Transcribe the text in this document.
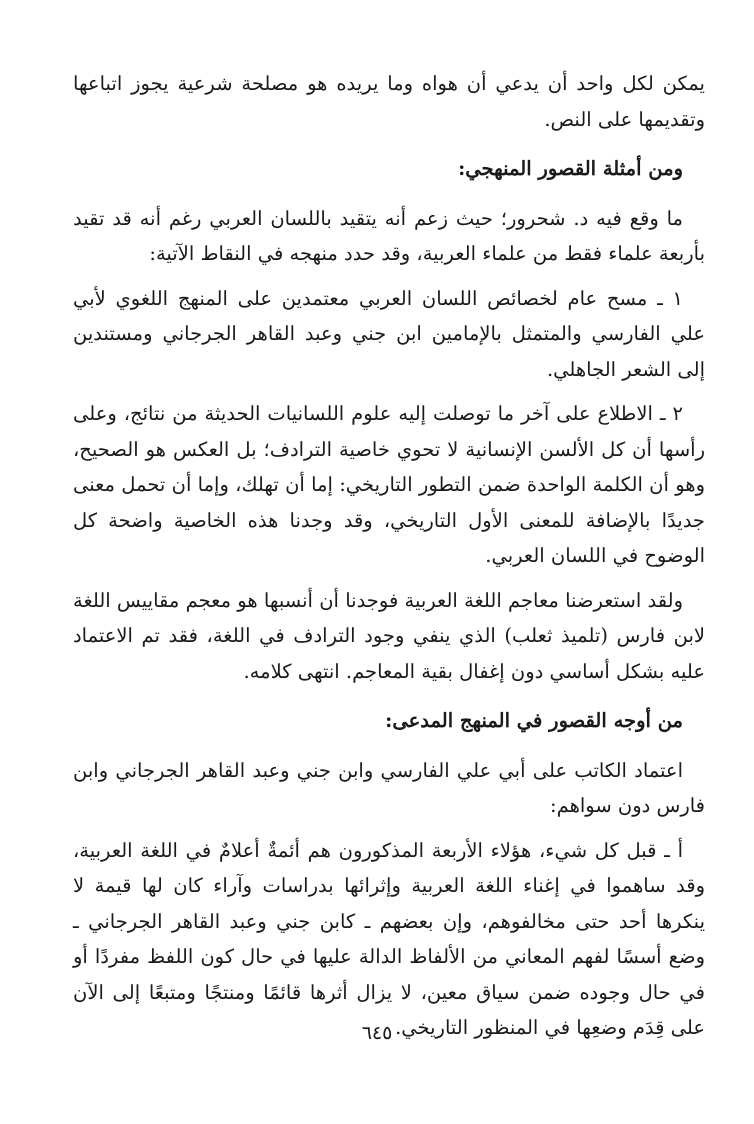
يمكن لكل واحد أن يدعي أن هواه وما يريده هو مصلحة شرعية يجوز اتباعها وتقديمها على النص.

ومن أمثلة القصور المنهجي:

ما وقع فيه د. شحرور؛ حيث زعم أنه يتقيد باللسان العربي رغم أنه قد تقيد بأربعة علماء فقط من علماء العربية، وقد حدد منهجه في النقاط الآتية:

١ ـ مسح عام لخصائص اللسان العربي معتمدين على المنهج اللغوي لأبي علي الفارسي والمتمثل بالإمامين ابن جني وعبد القاهر الجرجاني ومستندين إلى الشعر الجاهلي.

٢ ـ الاطلاع على آخر ما توصلت إليه علوم اللسانيات الحديثة من نتائج، وعلى رأسها أن كل الألسن الإنسانية لا تحوي خاصية الترادف؛ بل العكس هو الصحيح، وهو أن الكلمة الواحدة ضمن التطور التاريخي: إما أن تهلك، وإما أن تحمل معنى جديدًا بالإضافة للمعنى الأول التاريخي، وقد وجدنا هذه الخاصية واضحة كل الوضوح في اللسان العربي.

ولقد استعرضنا معاجم اللغة العربية فوجدنا أن أنسبها هو معجم مقاييس اللغة لابن فارس (تلميذ ثعلب) الذي ينفي وجود الترادف في اللغة، فقد تم الاعتماد عليه بشكل أساسي دون إغفال بقية المعاجم. انتهى كلامه.

من أوجه القصور في المنهج المدعى:

اعتماد الكاتب على أبي علي الفارسي وابن جني وعبد القاهر الجرجاني وابن فارس دون سواهم:

أ ـ قبل كل شيء، هؤلاء الأربعة المذكورون هم أئمةٌ أعلامٌ في اللغة العربية، وقد ساهموا في إغناء اللغة العربية وإثرائها بدراسات وآراء كان لها قيمة لا ينكرها أحد حتى مخالفوهم، وإن بعضهم ـ كابن جني وعبد القاهر الجرجاني ـ وضع أسسًا لفهم المعاني من الألفاظ الدالة عليها في حال كون اللفظ مفردًا أو في حال وجوده ضمن سياق معين، لا يزال أثرها قائمًا ومنتجًا ومتبعًا إلى الآن على قِدَم وضعِها في المنظور التاريخي.

٦٤٥
